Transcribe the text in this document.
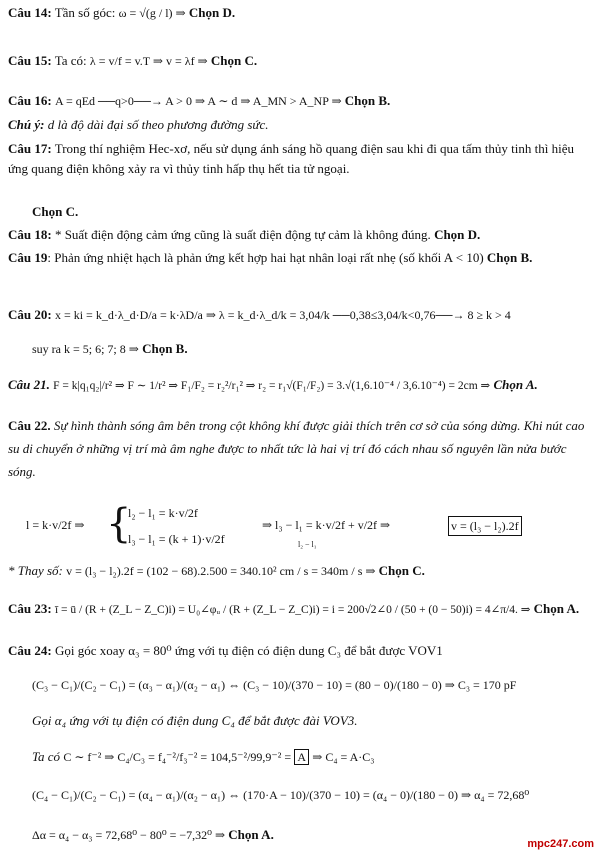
Câu 14: Tần số góc: ω = √(g / l) ⇒ Chọn D.
Câu 15: Ta có: λ = v/f = v.T ⇒ v = λf ⇒ Chọn C.
Câu 16: A = qEd ──q>0──→ A > 0 ⇒ A ∼ d ⇒ A_MN > A_NP ⇒ Chọn B.
Chú ý: d là độ dài đại số theo phương đường sức.
Câu 17: Trong thí nghiệm Hec-xơ, nếu sử dụng ánh sáng hồ quang điện sau khi đi qua tấm thủy tinh thì hiệu ứng quang điện không xảy ra vì thủy tinh hấp thụ hết tia tử ngoại.
Chọn C.
Câu 18: * Suất điện động cảm ứng cũng là suất điện động tự cảm là không đúng. Chọn D.
Câu 19: Phản ứng nhiệt hạch là phản ứng kết hợp hai hạt nhân loại rất nhẹ (số khối A < 10) Chọn B.
Câu 20: x = ki = k_d·λ_d·D/a = k·λD/a ⇒ λ = k_d·λ_d/k = 3,04/k ──0,38≤3,04/k<0,76──→ 8 ≥ k > 4
suy ra k = 5; 6; 7; 8 ⇒ Chọn B.
Câu 21. F = k|q₁q₂|/r² ⇒ F ∼ 1/r² ⇒ F₁/F₂ = r₂²/r₁² ⇒ r₂ = r₁√(F₁/F₂) = 3.√(1,6.10⁻⁴ / 3,6.10⁻⁴) = 2cm ⇒ Chọn A.
Câu 22. Sự hình thành sóng âm bên trong cột không khí được giải thích trên cơ sở của sóng dừng. Khi nút cao su di chuyển ở những vị trí mà âm nghe được to nhất tức là hai vị trí đó cách nhau số nguyên lần nửa bước sóng.
l = k·v/2f ⇒ {
l₂ − l₁ = k·v/2f
l₃ − l₁ = (k + 1)·v/2f
⇒ l₃ − l₁ = k·v/2f + v/2f ⇒	v = (l₃ − l₂).2f
l₂ − l₁
* Thay số: v = (l₃ − l₂).2f = (102 − 68).2.500 = 340.10² cm / s = 340m / s ⇒ Chọn C.
Câu 23: ī = ū / (R + (Z_L − Z_C)i) = U₀∠φᵤ / (R + (Z_L − Z_C)i) = i = 200√2∠0 / (50 + (0 − 50)i) = 4∠π/4. ⇒ Chọn A.
Câu 24: Gọi góc xoay α₃ = 80⁰ ứng với tụ điện có điện dung C₃ để bắt được VOV1
(C₃ − C₁)/(C₂ − C₁) = (α₃ − α₁)/(α₂ − α₁) ⇔ (C₃ − 10)/(370 − 10) = (80 − 0)/(180 − 0) ⇒ C₃ = 170 pF
Gọi α₄ ứng với tụ điện có điện dung C₄ để bắt được đài VOV3.
Ta có C ∼ f⁻² ⇒ C₄/C₃ = f₄⁻²/f₃⁻² = 104,5⁻²/99,9⁻² = A ⇒ C₄ = A·C₃
(C₄ − C₁)/(C₂ − C₁) = (α₄ − α₁)/(α₂ − α₁) ⇔ (170·A − 10)/(370 − 10) = (α₄ − 0)/(180 − 0) ⇒ α₄ = 72,68⁰
Δα = α₄ − α₃ = 72,68⁰ − 80⁰ = −7,32⁰ ⇒ Chọn A.
mpc247.com
